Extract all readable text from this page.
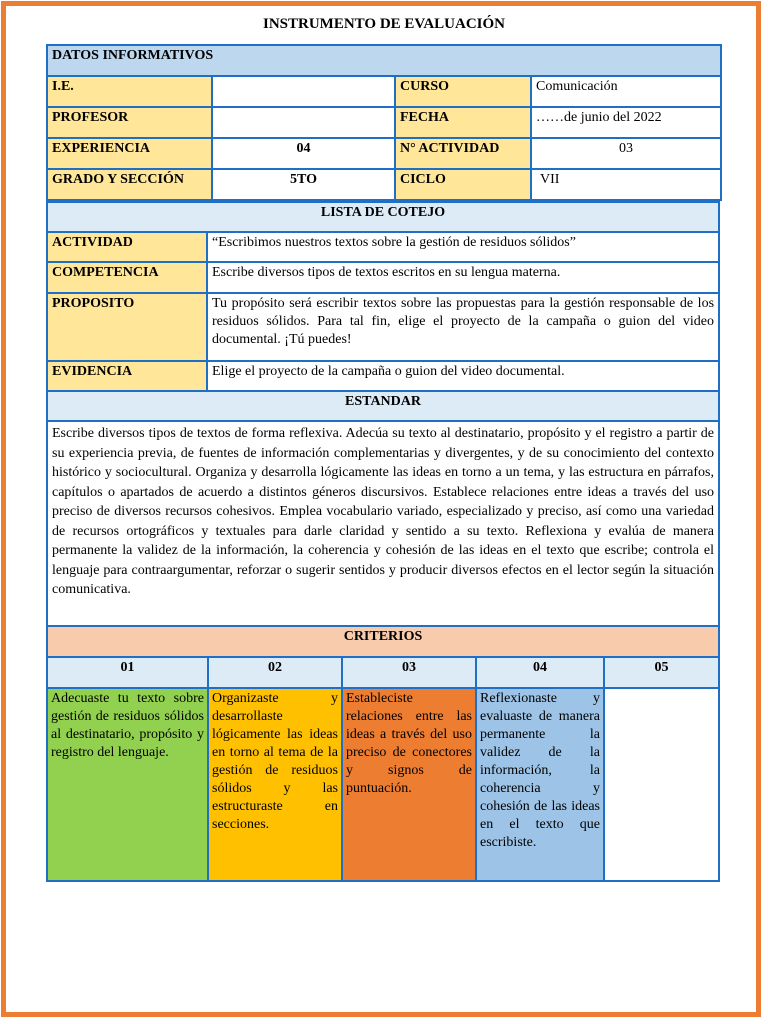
INSTRUMENTO DE EVALUACIÓN
DATOS INFORMATIVOS			
I.E.		CURSO	Comunicación
PROFESOR		FECHA	……de junio del 2022
EXPERIENCIA	04	N° ACTIVIDAD	03
GRADO Y SECCIÓN	5TO	CICLO	VII
LISTA DE COTEJO	
ACTIVIDAD	“Escribimos nuestros textos sobre la gestión de residuos sólidos”
COMPETENCIA	Escribe diversos tipos de textos escritos en su lengua materna.
PROPOSITO	Tu propósito será escribir textos sobre las propuestas para la gestión responsable de los residuos sólidos. Para tal fin, elige el proyecto de la campaña o guion del video documental. ¡Tú puedes!
EVIDENCIA	Elige el proyecto de la campaña o guion del video documental.
ESTANDAR	
Escribe diversos tipos de textos de forma reflexiva. Adecúa su texto al destinatario, propósito y el registro a partir de su experiencia previa, de fuentes de información complementarias y divergentes, y de su conocimiento del contexto histórico y sociocultural. Organiza y desarrolla lógicamente las ideas en torno a un tema, y las estructura en párrafos, capítulos o apartados de acuerdo a distintos géneros discursivos. Establece relaciones entre ideas a través del uso preciso de diversos recursos cohesivos. Emplea vocabulario variado, especializado y preciso, así como una variedad de recursos ortográficos y textuales para darle claridad y sentido a su texto. Reflexiona y evalúa de manera permanente la validez de la información, la coherencia y cohesión de las ideas en el texto que escribe; controla el lenguaje para contraargumentar, reforzar o sugerir sentidos y producir diversos efectos en el lector según la situación comunicativa.	
CRITERIOS				
01	02	03	04	05
Adecuaste tu texto sobre gestión de residuos sólidos al destinatario, propósito y registro del lenguaje.	Organizaste y desarrollaste lógicamente las ideas en torno al tema de la gestión de residuos sólidos y las estructuraste en secciones.	Estableciste relaciones entre las ideas a través del uso preciso de conectores y signos de puntuación.	Reflexionaste y evaluaste de manera permanente la validez de la información, la coherencia y cohesión de las ideas en el texto que escribiste.	
